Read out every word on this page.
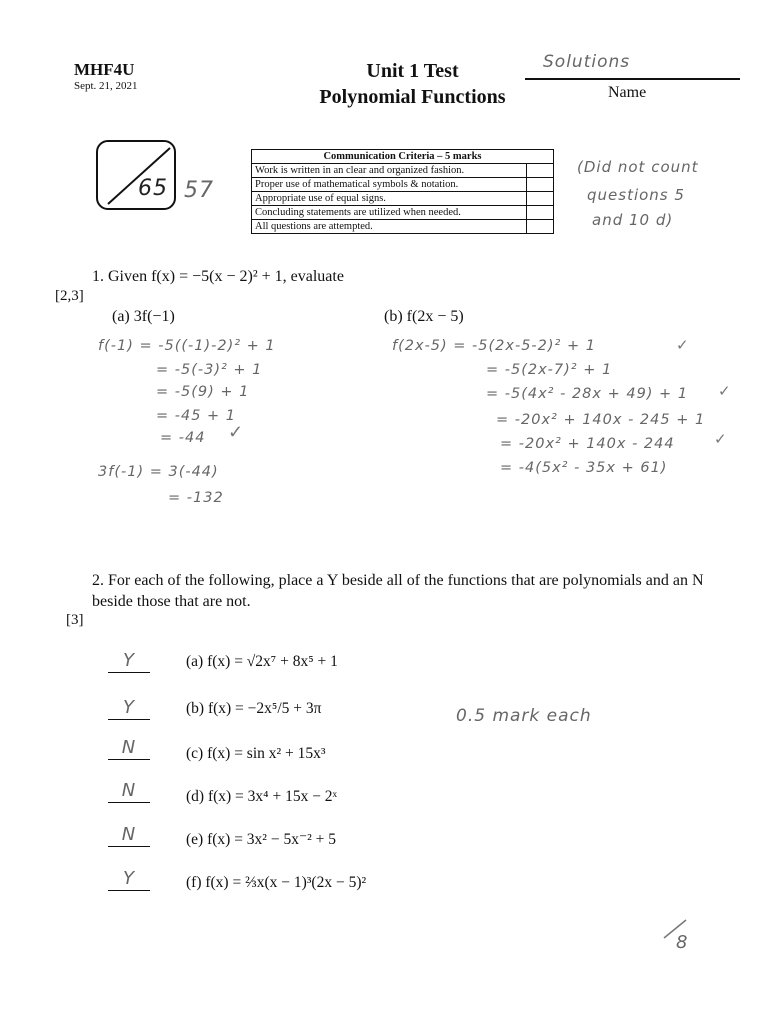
MHF4U
Sept. 21, 2021
Unit 1 Test
Polynomial Functions
Solutions
Name
65 57
Communication Criteria – 5 marks	
Work is written in an clear and organized fashion.	
Proper use of mathematical symbols & notation.	
Appropriate use of equal signs.	
Concluding statements are utilized when needed.	
All questions are attempted.	
(Did not count
questions 5
and 10 d)
1. Given f(x) = −5(x − 2)² + 1, evaluate
[2,3]
(a) 3f(−1)	(b) f(2x − 5)
f(-1) = -5((-1)-2)² + 1
= -5(-3)² + 1
= -5(9) + 1
= -45 + 1
= -44 ✓
3f(-1) = 3(-44)
= -132
f(2x-5) = -5(2x-5-2)² + 1	✓
= -5(2x-7)² + 1
= -5(4x² - 28x + 49) + 1 ✓
= -20x² + 140x - 245 + 1
= -20x² + 140x - 244	✓
= -4(5x² - 35x + 61)
2. For each of the following, place a Y beside all of the functions that are polynomials and an N beside those that are not.
[3]
Y	(a) f(x) = √2x⁷ + 8x⁵ + 1
Y	(b) f(x) = −2x⁵/5 + 3π
N	(c) f(x) = sin x² + 15x³
N	(d) f(x) = 3x⁴ + 15x − 2ˣ
N	(e) f(x) = 3x² − 5x⁻² + 5
Y	(f) f(x) = ⅔x(x − 1)³(2x − 5)²
0.5 mark each
8
